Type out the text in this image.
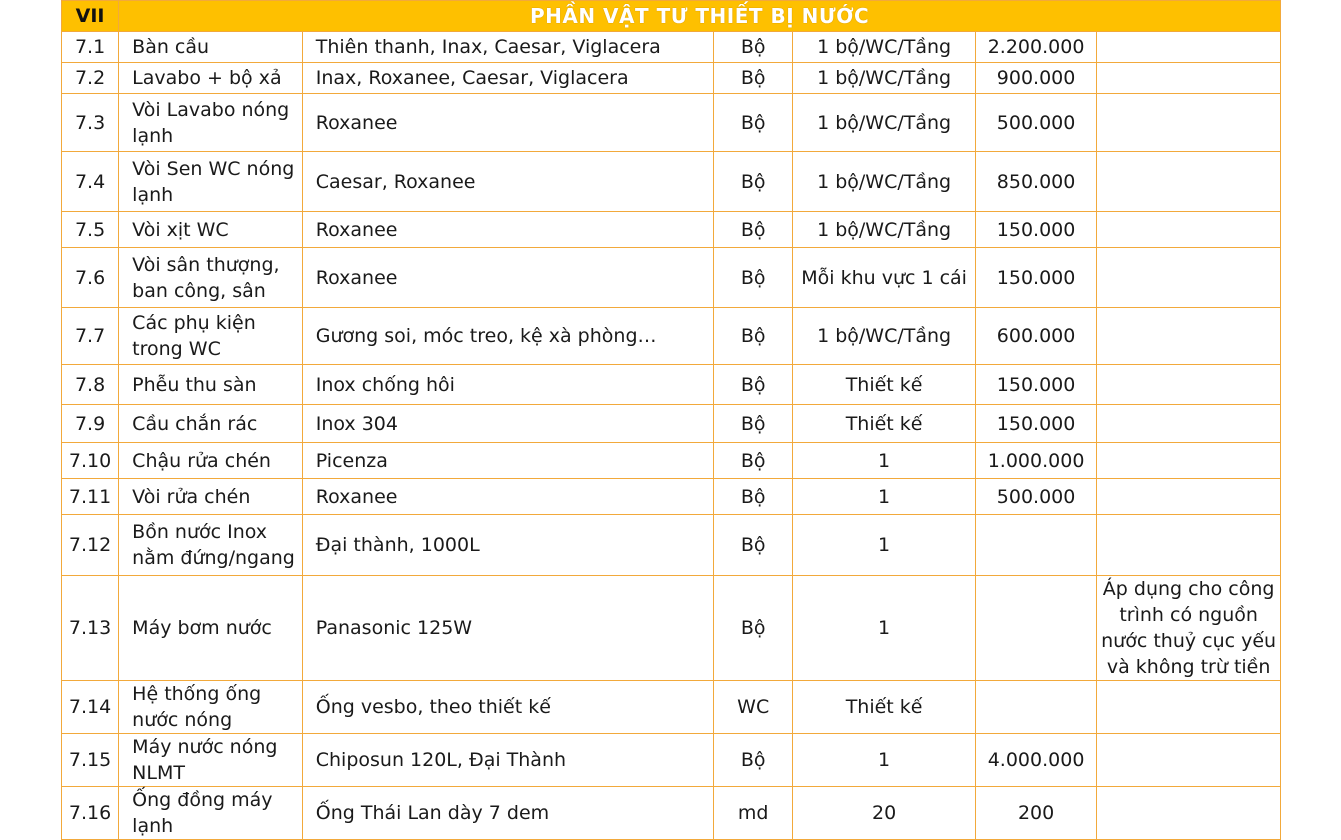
VII	PHẦN VẬT TƯ THIẾT BỊ NƯỚC					
7.1	Bàn cầu	Thiên thanh, Inax, Caesar, Viglacera	Bộ	1 bộ/WC/Tầng	2.200.000	
7.2	Lavabo + bộ xả	Inax, Roxanee, Caesar, Viglacera	Bộ	1 bộ/WC/Tầng	900.000	
7.3	Vòi Lavabo nóng lạnh	Roxanee	Bộ	1 bộ/WC/Tầng	500.000	
7.4	Vòi Sen WC nóng lạnh	Caesar, Roxanee	Bộ	1 bộ/WC/Tầng	850.000	
7.5	Vòi xịt WC	Roxanee	Bộ	1 bộ/WC/Tầng	150.000	
7.6	Vòi sân thượng, ban công, sân	Roxanee	Bộ	Mỗi khu vực 1 cái	150.000	
7.7	Các phụ kiện trong WC	Gương soi, móc treo, kệ xà phòng…	Bộ	1 bộ/WC/Tầng	600.000	
7.8	Phễu thu sàn	Inox chống hôi	Bộ	Thiết kế	150.000	
7.9	Cầu chắn rác	Inox 304	Bộ	Thiết kế	150.000	
7.10	Chậu rửa chén	Picenza	Bộ	1	1.000.000	
7.11	Vòi rửa chén	Roxanee	Bộ	1	500.000	
7.12	Bồn nước Inox nằm đứng/ngang	Đại thành, 1000L	Bộ	1		
7.13	Máy bơm nước	Panasonic 125W	Bộ	1		Áp dụng cho công trình có nguồn nước thuỷ cục yếu và không trừ tiền
7.14	Hệ thống ống nước nóng	Ống vesbo, theo thiết kế	WC	Thiết kế		
7.15	Máy nước nóng NLMT	Chiposun 120L, Đại Thành	Bộ	1	4.000.000	
7.16	Ống đồng máy lạnh	Ống Thái Lan dày 7 dem	md	20	200	
